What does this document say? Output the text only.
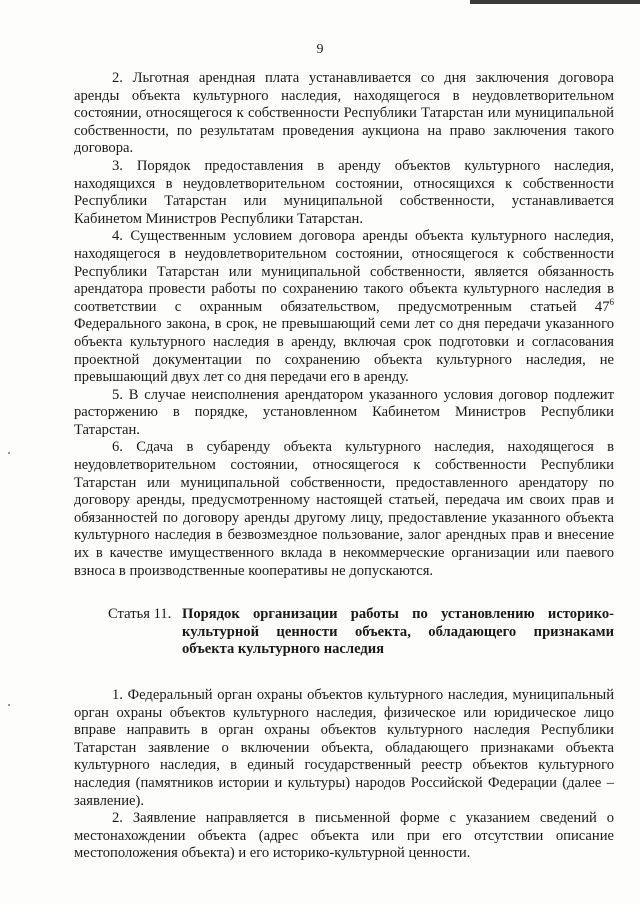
9

2. Льготная арендная плата устанавливается со дня заключения договора аренды объекта культурного наследия, находящегося в неудовлетворительном состоянии, относящегося к собственности Республики Татарстан или муниципальной собственности, по результатам проведения аукциона на право заключения такого договора.

3. Порядок предоставления в аренду объектов культурного наследия, находящихся в неудовлетворительном состоянии, относящихся к собственности Республики Татарстан или муниципальной собственности, устанавливается Кабинетом Министров Республики Татарстан.

4. Существенным условием договора аренды объекта культурного наследия, находящегося в неудовлетворительном состоянии, относящегося к собственности Республики Татарстан или муниципальной собственности, является обязанность арендатора провести работы по сохранению такого объекта культурного наследия в соответствии с охранным обязательством, предусмотренным статьей $47^6$ Федерального закона, в срок, не превышающий семи лет со дня передачи указанного объекта культурного наследия в аренду, включая срок подготовки и согласования проектной документации по сохранению объекта культурного наследия, не превышающий двух лет со дня передачи его в аренду.

5. В случае неисполнения арендатором указанного условия договор подлежит расторжению в порядке, установленном Кабинетом Министров Республики Татарстан.

6. Сдача в субаренду объекта культурного наследия, находящегося в неудовлетворительном состоянии, относящегося к собственности Республики Татарстан или муниципальной собственности, предоставленного арендатору по договору аренды, предусмотренному настоящей статьей, передача им своих прав и обязанностей по договору аренды другому лицу, предоставление указанного объекта культурного наследия в безвозмездное пользование, залог арендных прав и внесение их в качестве имущественного вклада в некоммерческие организации или паевого взноса в производственные кооперативы не допускаются.

Статья 11. Порядок организации работы по установлению историко-культурной ценности объекта, обладающего признаками объекта культурного наследия

1. Федеральный орган охраны объектов культурного наследия, муниципальный орган охраны объектов культурного наследия, физическое или юридическое лицо вправе направить в орган охраны объектов культурного наследия Республики Татарстан заявление о включении объекта, обладающего признаками объекта культурного наследия, в единый государственный реестр объектов культурного наследия (памятников истории и культуры) народов Российской Федерации (далее – заявление).

2. Заявление направляется в письменной форме с указанием сведений о местонахождении объекта (адрес объекта или при его отсутствии описание местоположения объекта) и его историко-культурной ценности.
